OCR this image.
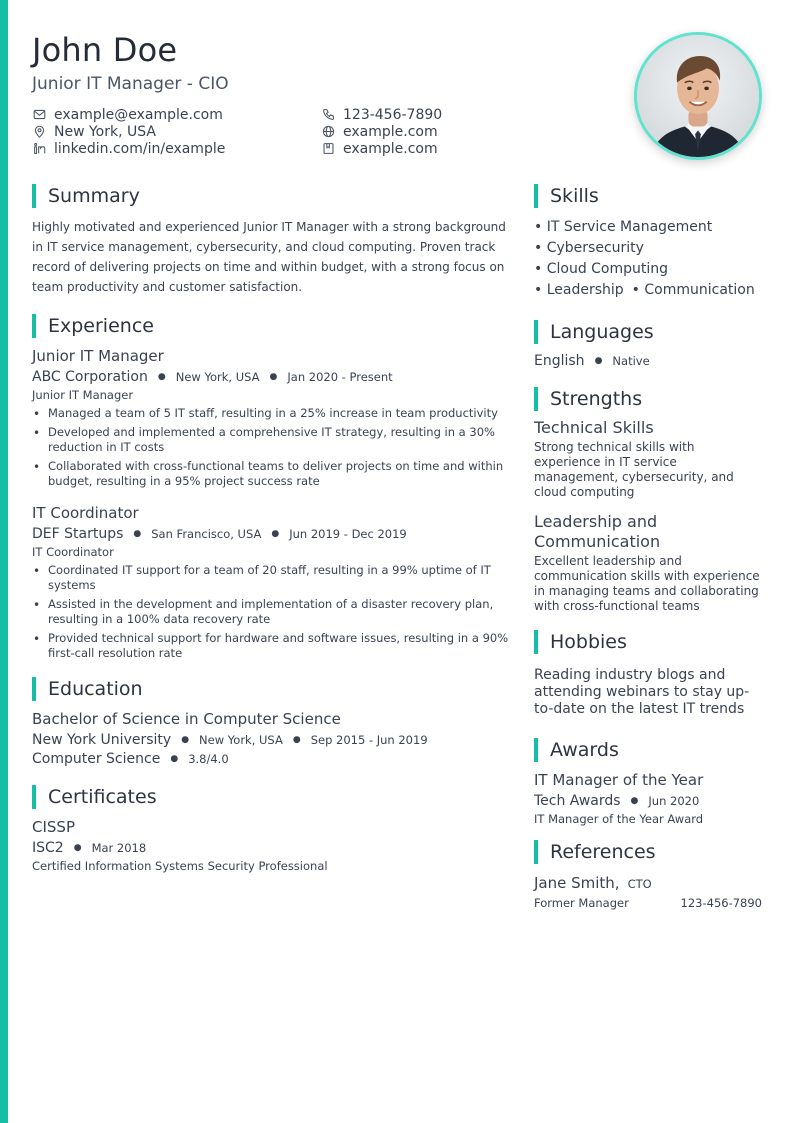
John Doe
Junior IT Manager - CIO
example@example.com	123-456-7890
New York, USA	example.com
linkedin.com/in/example	example.com
Summary
Highly motivated and experienced Junior IT Manager with a strong background in IT service management, cybersecurity, and cloud computing. Proven track record of delivering projects on time and within budget, with a strong focus on team productivity and customer satisfaction.
Experience
Junior IT Manager
ABC Corporation ● New York, USA ● Jan 2020 - Present
Junior IT Manager
• Managed a team of 5 IT staff, resulting in a 25% increase in team productivity
• Developed and implemented a comprehensive IT strategy, resulting in a 30% reduction in IT costs
• Collaborated with cross-functional teams to deliver projects on time and within budget, resulting in a 95% project success rate
IT Coordinator
DEF Startups ● San Francisco, USA ● Jun 2019 - Dec 2019
IT Coordinator
• Coordinated IT support for a team of 20 staff, resulting in a 99% uptime of IT systems
• Assisted in the development and implementation of a disaster recovery plan, resulting in a 100% data recovery rate
• Provided technical support for hardware and software issues, resulting in a 90% first-call resolution rate
Education
Bachelor of Science in Computer Science
New York University ● New York, USA ● Sep 2015 - Jun 2019
Computer Science ● 3.8/4.0
Certificates
CISSP
ISC2 ● Mar 2018
Certified Information Systems Security Professional
Skills
• IT Service Management
• Cybersecurity
• Cloud Computing
• Leadership • Communication
Languages
English ● Native
Strengths
Technical Skills
Strong technical skills with experience in IT service management, cybersecurity, and cloud computing
Leadership and Communication
Excellent leadership and communication skills with experience in managing teams and collaborating with cross-functional teams
Hobbies
Reading industry blogs and attending webinars to stay up-to-date on the latest IT trends
Awards
IT Manager of the Year
Tech Awards ● Jun 2020
IT Manager of the Year Award
References
Jane Smith, CTO
Former Manager	123-456-7890
